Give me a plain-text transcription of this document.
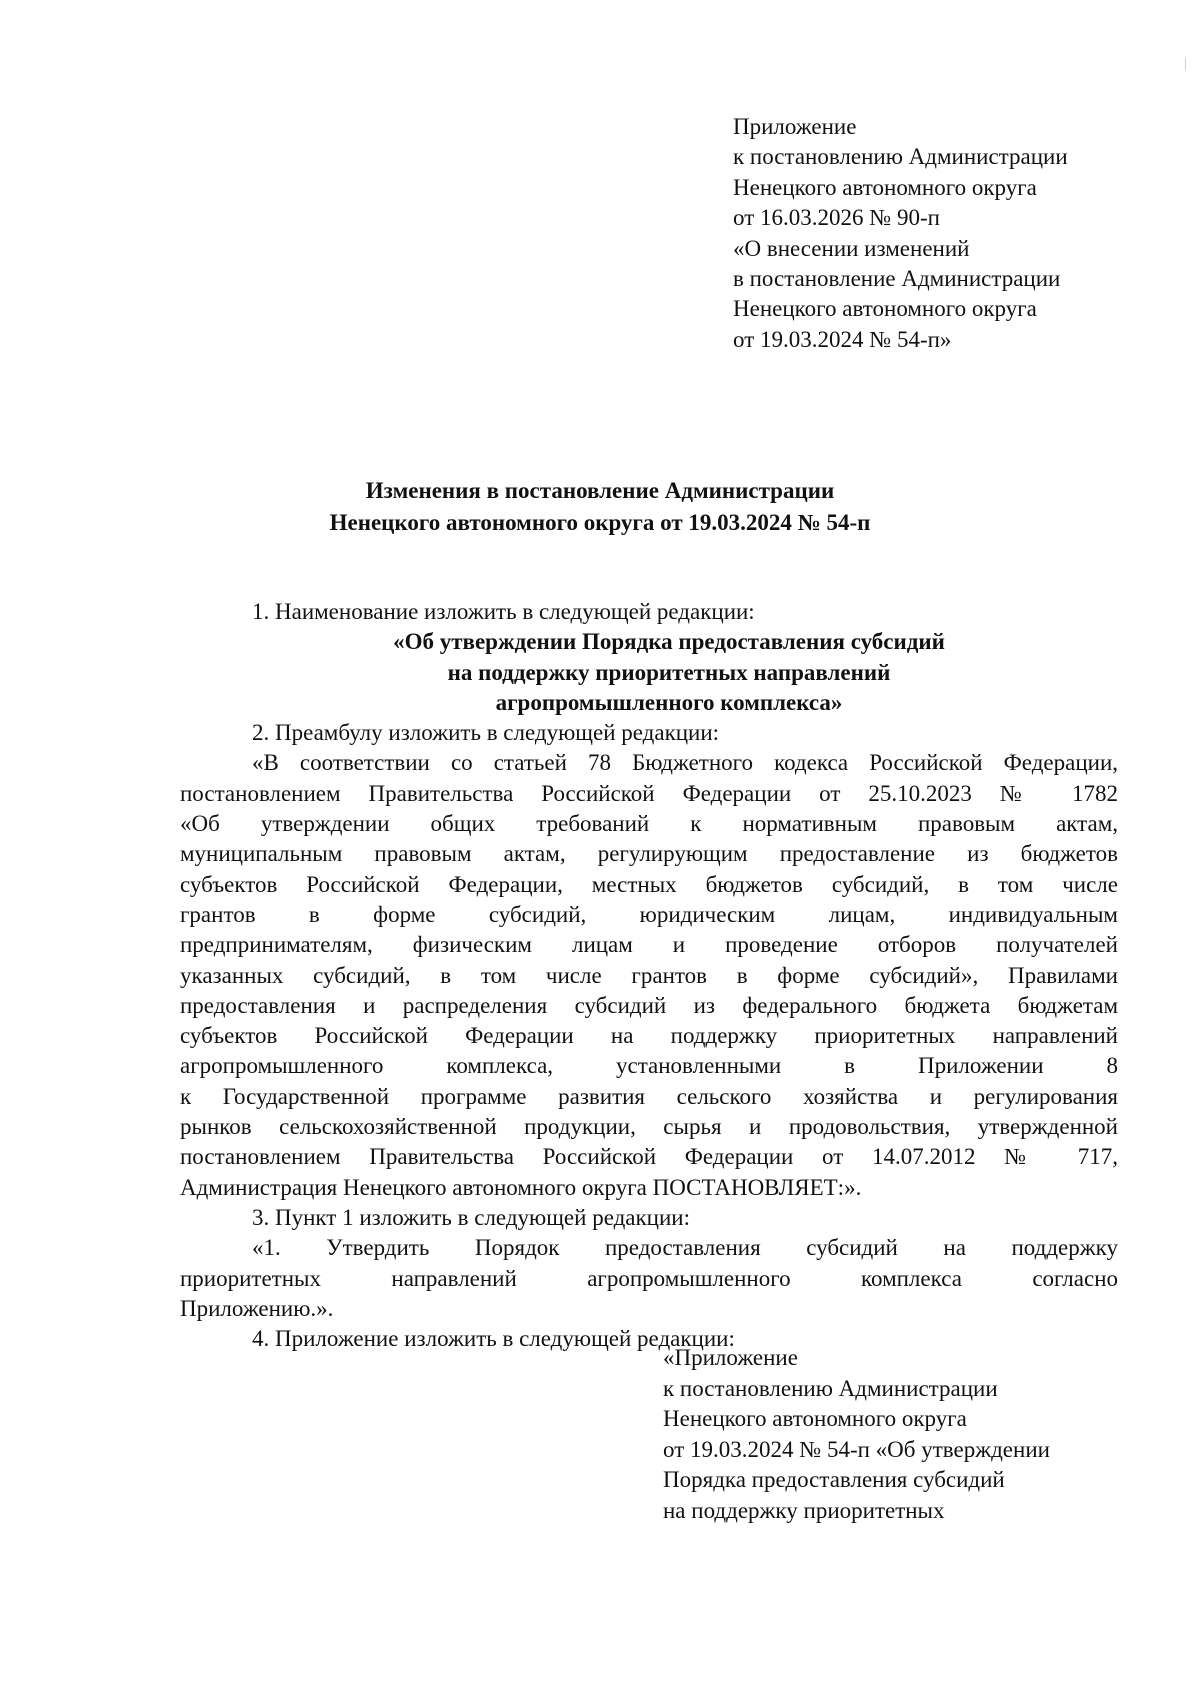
Приложение
к постановлению Администрации
Ненецкого автономного округа
от 16.03.2026 № 90-п
«О внесении изменений
в постановление Администрации
Ненецкого автономного округа
от 19.03.2024 № 54-п»
Изменения в постановление Администрации
Ненецкого автономного округа от 19.03.2024 № 54-п
1. Наименование изложить в следующей редакции:
«Об утверждении Порядка предоставления субсидий
на поддержку приоритетных направлений
агропромышленного комплекса»
2. Преамбулу изложить в следующей редакции:
«В соответствии со статьей 78 Бюджетного кодекса Российской Федерации,
постановлением Правительства Российской Федерации от 25.10.2023 № 1782
«Об утверждении общих требований к нормативным правовым актам,
муниципальным правовым актам, регулирующим предоставление из бюджетов
субъектов Российской Федерации, местных бюджетов субсидий, в том числе
грантов в форме субсидий, юридическим лицам, индивидуальным
предпринимателям, физическим лицам и проведение отборов получателей
указанных субсидий, в том числе грантов в форме субсидий», Правилами
предоставления и распределения субсидий из федерального бюджета бюджетам
субъектов Российской Федерации на поддержку приоритетных направлений
агропромышленного комплекса, установленными в Приложении 8
к Государственной программе развития сельского хозяйства и регулирования
рынков сельскохозяйственной продукции, сырья и продовольствия, утвержденной
постановлением Правительства Российской Федерации от 14.07.2012 № 717,
Администрация Ненецкого автономного округа ПОСТАНОВЛЯЕТ:».
3. Пункт 1 изложить в следующей редакции:
«1. Утвердить Порядок предоставления субсидий на поддержку
приоритетных направлений агропромышленного комплекса согласно
Приложению.».
4. Приложение изложить в следующей редакции:
«Приложение
к постановлению Администрации
Ненецкого автономного округа
от 19.03.2024 № 54-п «Об утверждении
Порядка предоставления субсидий
на поддержку приоритетных
